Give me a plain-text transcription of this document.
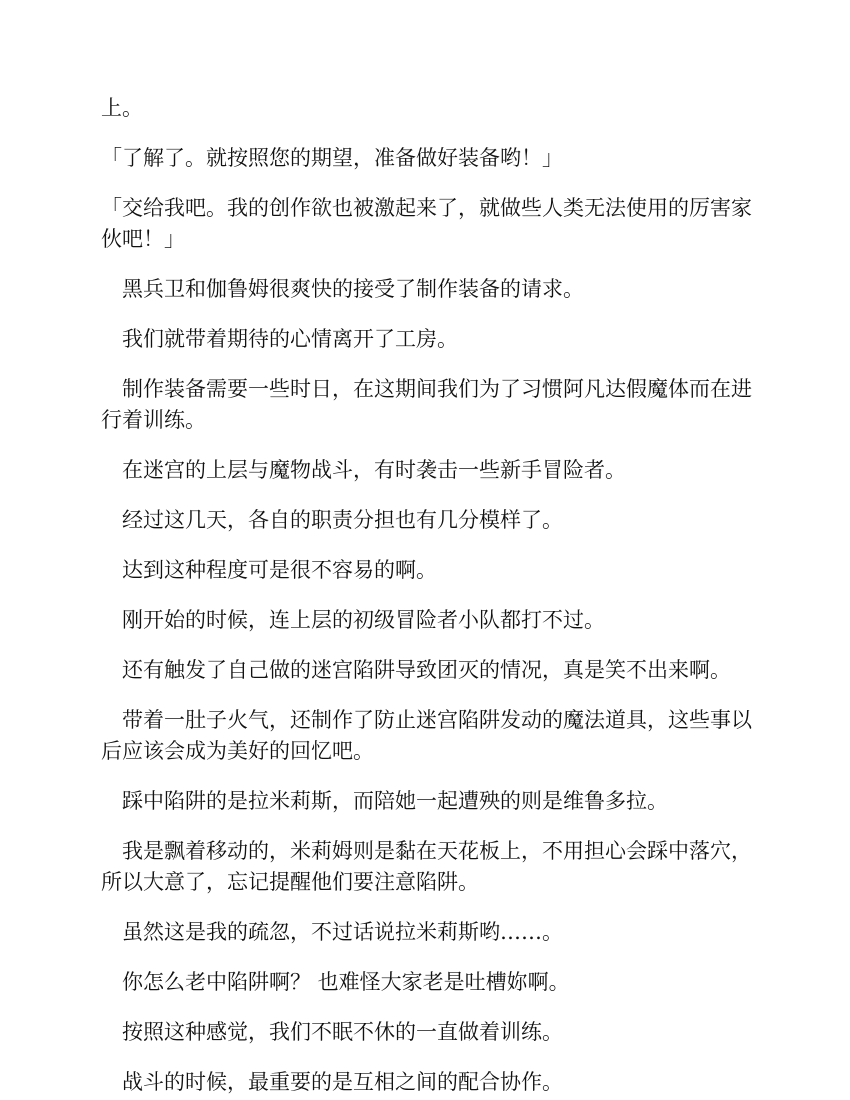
上。

「了解了。就按照您的期望，准备做好装备哟！」

「交给我吧。我的创作欲也被激起来了，就做些人类无法使用的厉害家伙吧！」

黑兵卫和伽鲁姆很爽快的接受了制作装备的请求。

我们就带着期待的心情离开了工房。

制作装备需要一些时日，在这期间我们为了习惯阿凡达假魔体而在进行着训练。

在迷宫的上层与魔物战斗，有时袭击一些新手冒险者。

经过这几天，各自的职责分担也有几分模样了。

达到这种程度可是很不容易的啊。

刚开始的时候，连上层的初级冒险者小队都打不过。

还有触发了自己做的迷宫陷阱导致团灭的情况，真是笑不出来啊。

带着一肚子火气，还制作了防止迷宫陷阱发动的魔法道具，这些事以后应该会成为美好的回忆吧。

踩中陷阱的是拉米莉斯，而陪她一起遭殃的则是维鲁多拉。

我是飘着移动的，米莉姆则是黏在天花板上，不用担心会踩中落穴，所以大意了，忘记提醒他们要注意陷阱。

虽然这是我的疏忽，不过话说拉米莉斯哟……。

你怎么老中陷阱啊？ 也难怪大家老是吐槽妳啊。

按照这种感觉，我们不眠不休的一直做着训练。

战斗的时候，最重要的是互相之间的配合协作。
